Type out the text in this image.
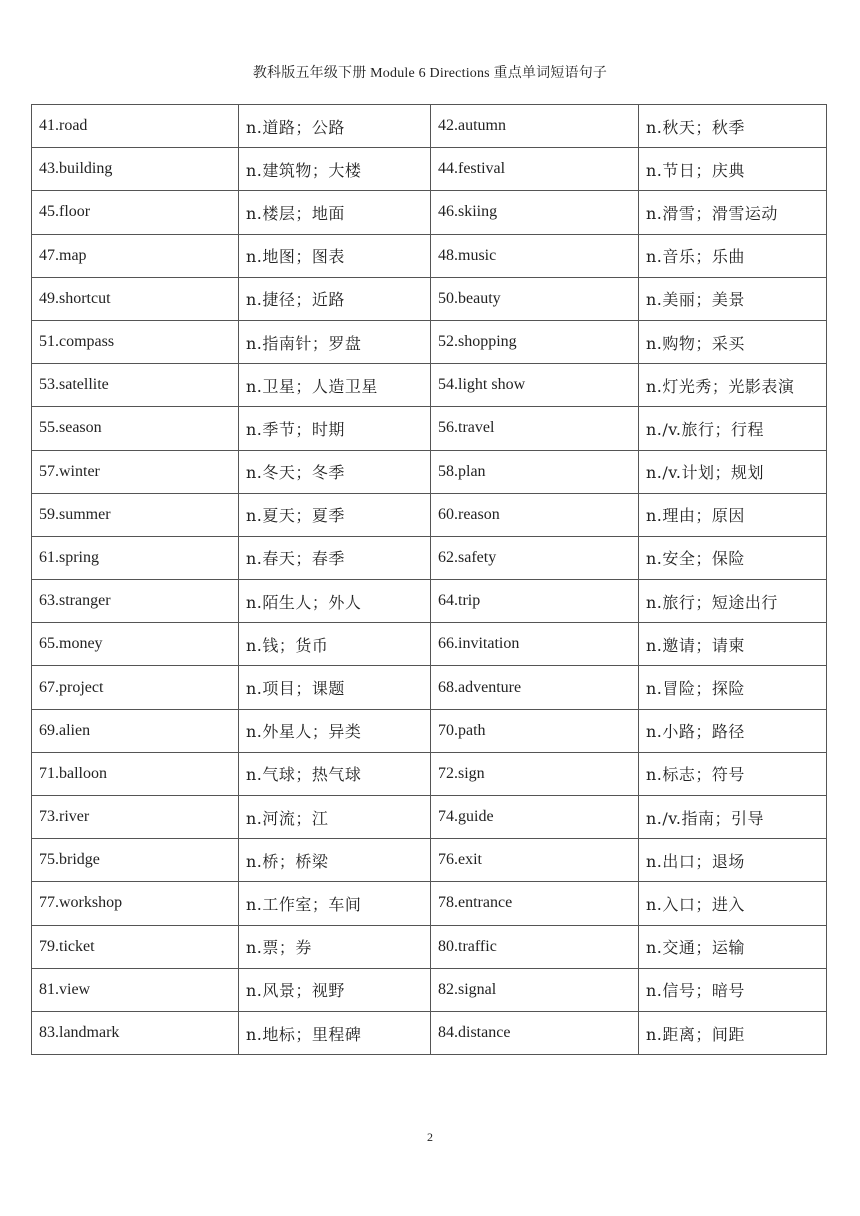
教科版五年级下册 Module 6 Directions 重点单词短语句子
41.road	n.道路；公路	42.autumn	n.秋天；秋季
43.building	n.建筑物；大楼	44.festival	n.节日；庆典
45.floor	n.楼层；地面	46.skiing	n.滑雪；滑雪运动
47.map	n.地图；图表	48.music	n.音乐；乐曲
49.shortcut	n.捷径；近路	50.beauty	n.美丽；美景
51.compass	n.指南针；罗盘	52.shopping	n.购物；采买
53.satellite	n.卫星；人造卫星	54.light show	n.灯光秀；光影表演
55.season	n.季节；时期	56.travel	n./v.旅行；行程
57.winter	n.冬天；冬季	58.plan	n./v.计划；规划
59.summer	n.夏天；夏季	60.reason	n.理由；原因
61.spring	n.春天；春季	62.safety	n.安全；保险
63.stranger	n.陌生人；外人	64.trip	n.旅行；短途出行
65.money	n.钱；货币	66.invitation	n.邀请；请柬
67.project	n.项目；课题	68.adventure	n.冒险；探险
69.alien	n.外星人；异类	70.path	n.小路；路径
71.balloon	n.气球；热气球	72.sign	n.标志；符号
73.river	n.河流；江	74.guide	n./v.指南；引导
75.bridge	n.桥；桥梁	76.exit	n.出口；退场
77.workshop	n.工作室；车间	78.entrance	n.入口；进入
79.ticket	n.票；券	80.traffic	n.交通；运输
81.view	n.风景；视野	82.signal	n.信号；暗号
83.landmark	n.地标；里程碑	84.distance	n.距离；间距
2
